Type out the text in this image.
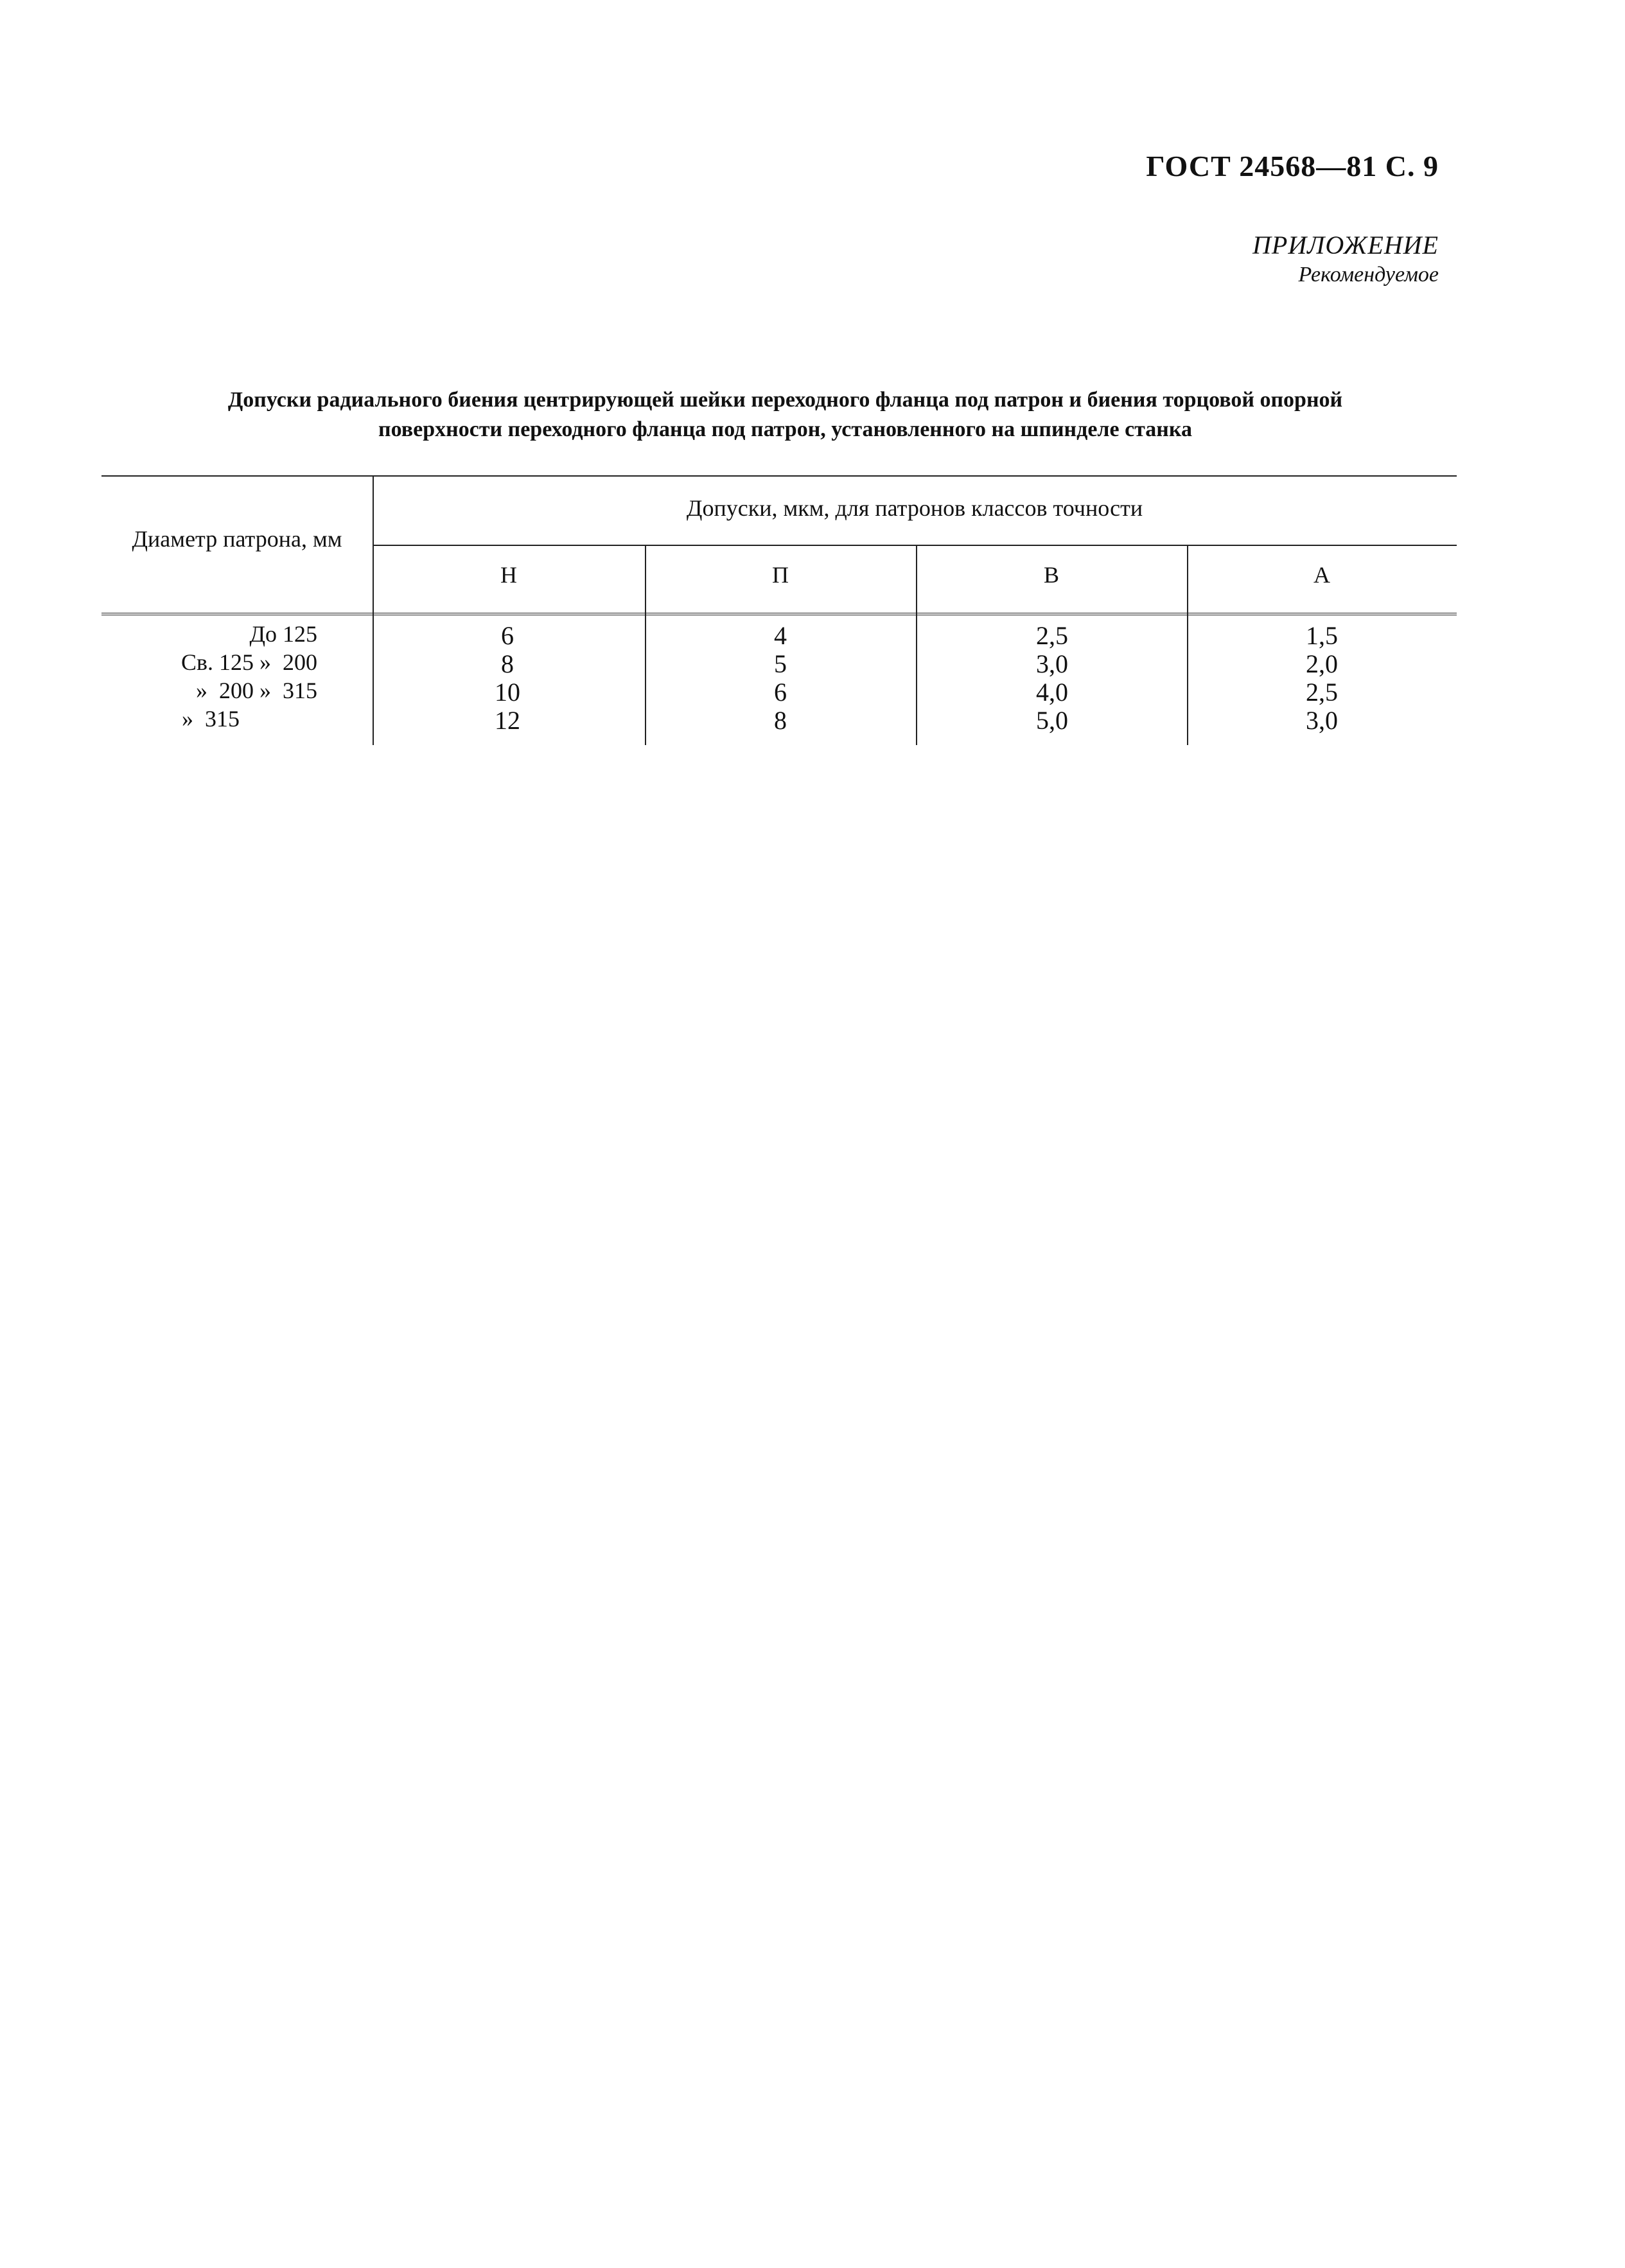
ГОСТ 24568—81 С. 9
ПРИЛОЖЕНИЕ
Рекомендуемое
Допуски радиального биения центрирующей шейки переходного фланца под патрон и биения торцовой опорной
поверхности переходного фланца под патрон, установленного на шпинделе станка
Диаметр патрона, мм
Допуски, мкм, для патронов классов точности
Н	П	В	А
До 125	6	4	2,5	1,5
Св. 125 »  200	8	5	3,0	2,0
»  200 »  315	10	6	4,0	2,5
»  315	12	8	5,0	3,0
